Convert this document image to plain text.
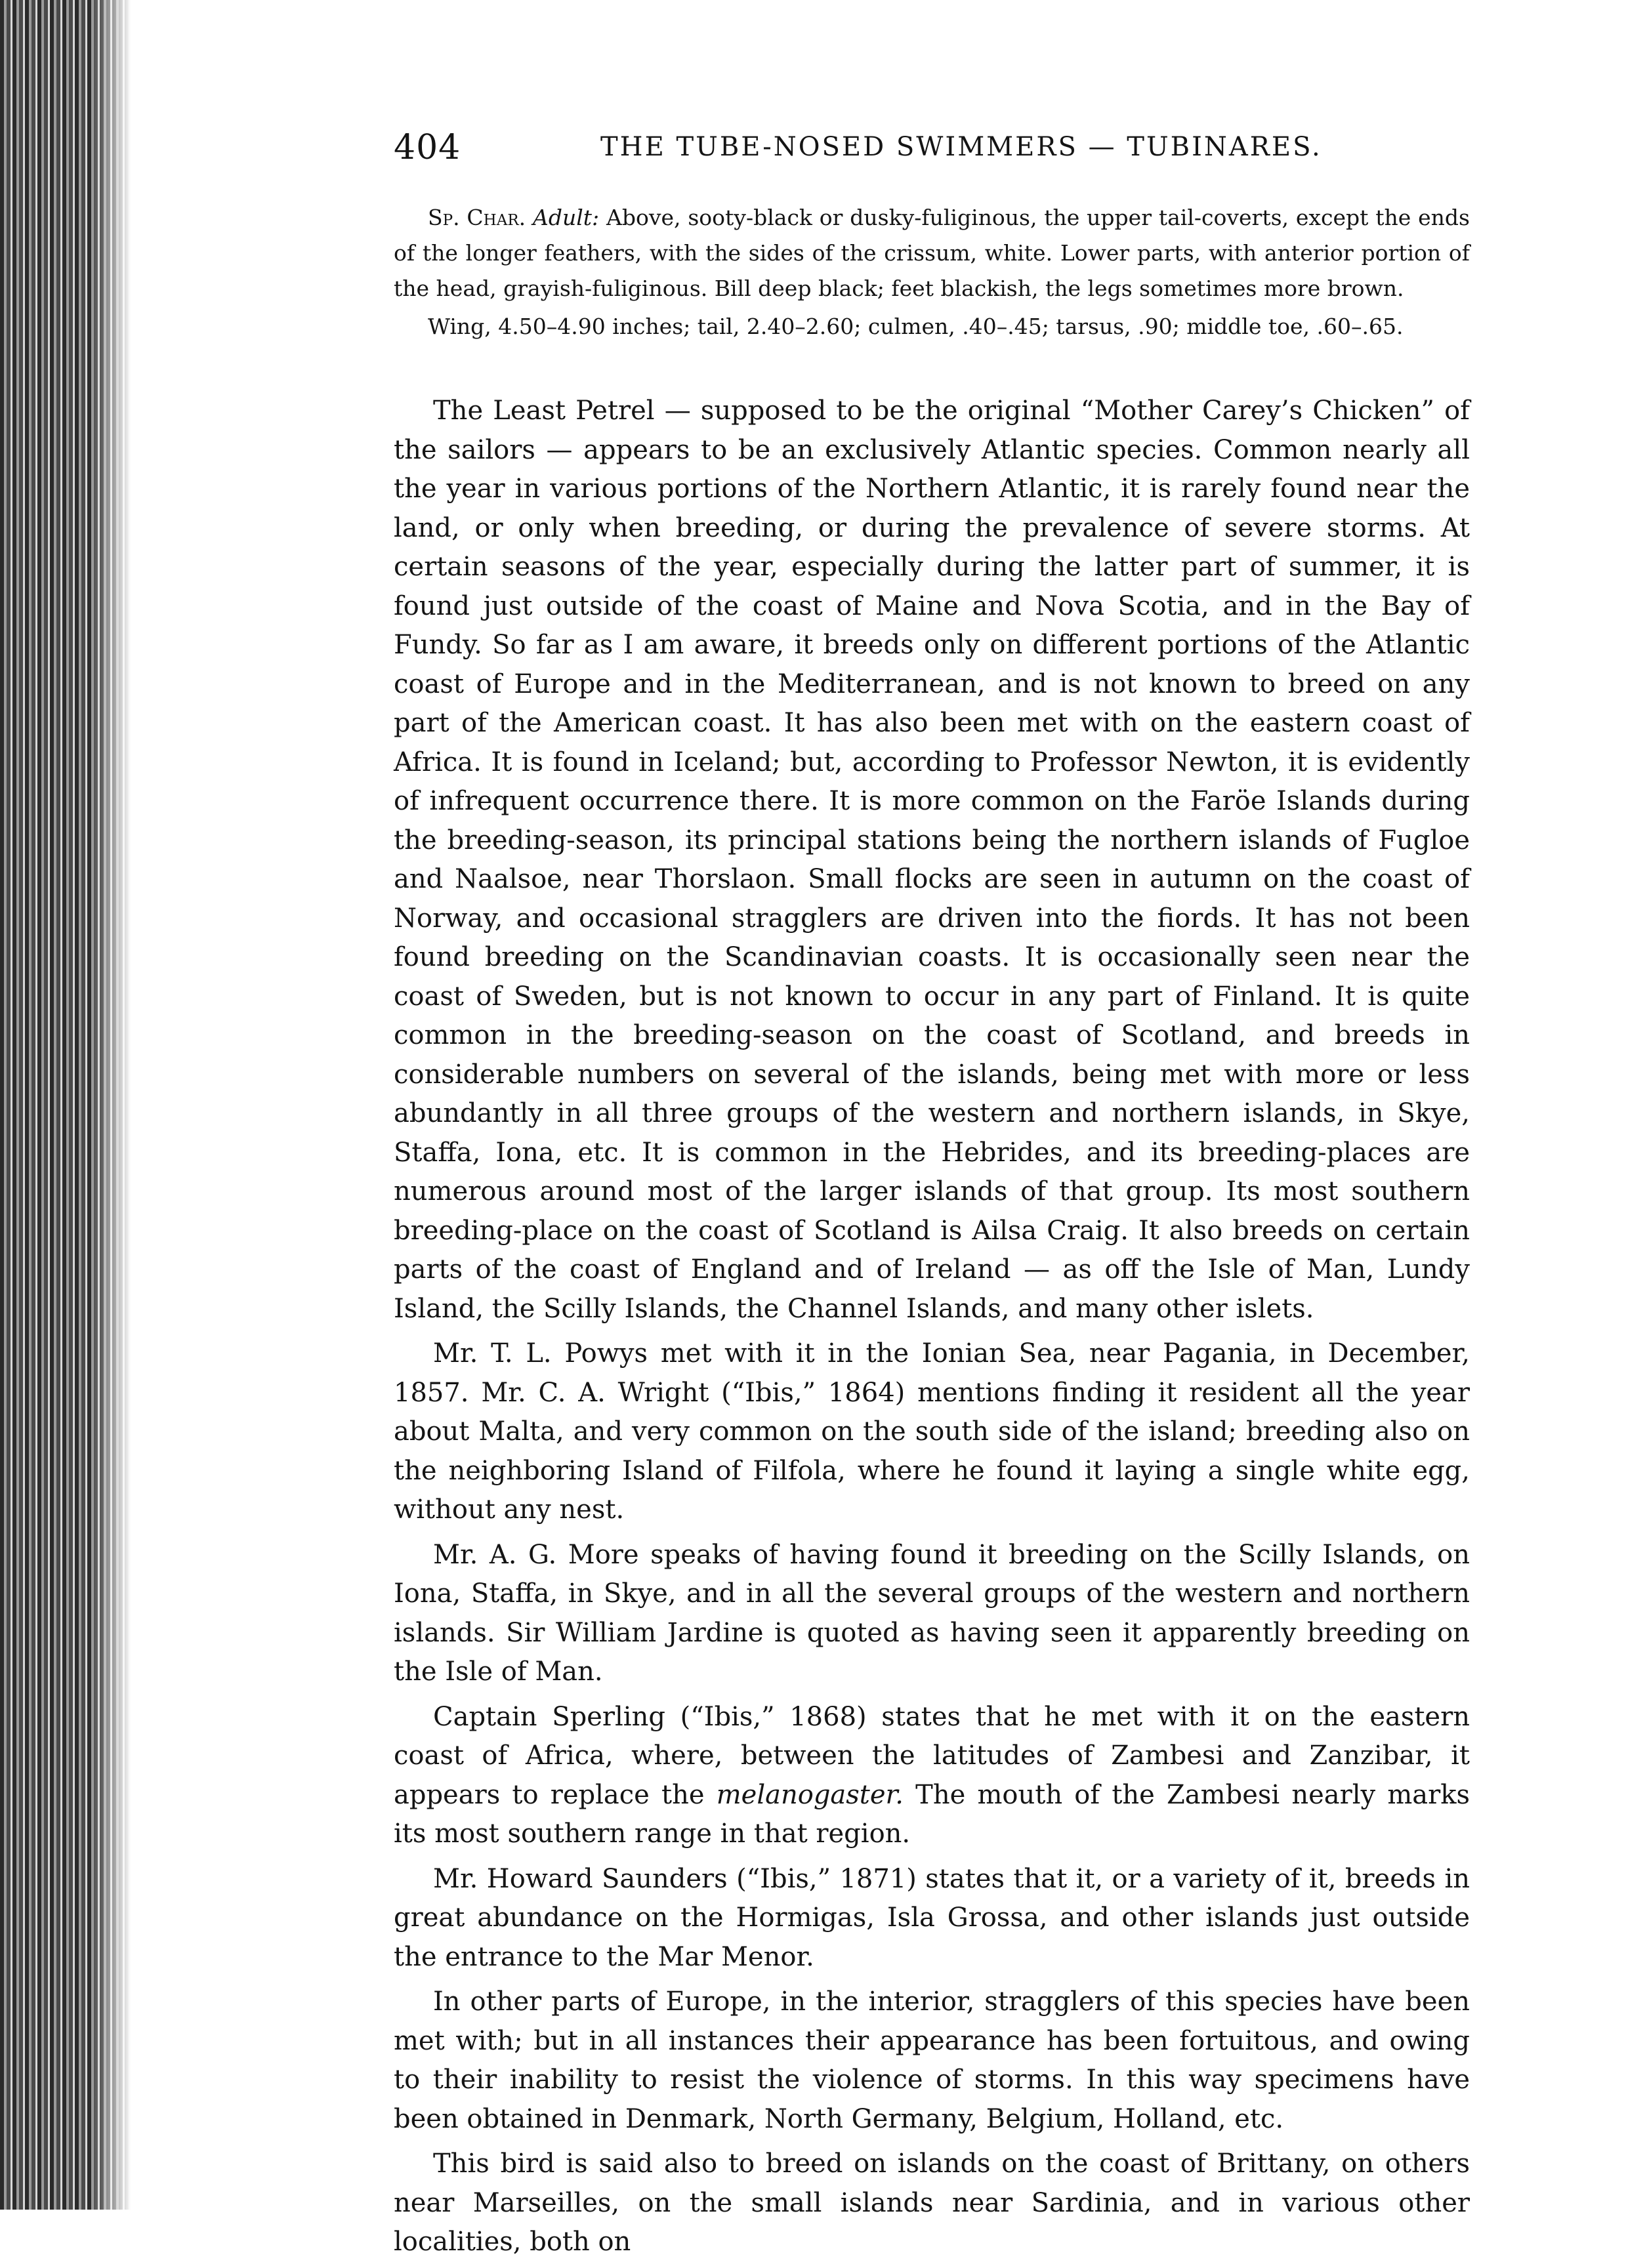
404	THE TUBE-NOSED SWIMMERS — TUBINARES.

Sp. Char. Adult: Above, sooty-black or dusky-fuliginous, the upper tail-coverts, except the ends of the longer feathers, with the sides of the crissum, white. Lower parts, with anterior portion of the head, grayish-fuliginous. Bill deep black; feet blackish, the legs sometimes more brown.

Wing, 4.50–4.90 inches; tail, 2.40–2.60; culmen, .40–.45; tarsus, .90; middle toe, .60–.65.

The Least Petrel — supposed to be the original “Mother Carey’s Chicken” of the sailors — appears to be an exclusively Atlantic species. Common nearly all the year in various portions of the Northern Atlantic, it is rarely found near the land, or only when breeding, or during the prevalence of severe storms. At certain seasons of the year, especially during the latter part of summer, it is found just outside of the coast of Maine and Nova Scotia, and in the Bay of Fundy. So far as I am aware, it breeds only on different portions of the Atlantic coast of Europe and in the Mediterranean, and is not known to breed on any part of the American coast. It has also been met with on the eastern coast of Africa. It is found in Iceland; but, according to Professor Newton, it is evidently of infrequent occurrence there. It is more common on the Faröe Islands during the breeding-season, its principal stations being the northern islands of Fugloe and Naalsoe, near Thorslaon. Small flocks are seen in autumn on the coast of Norway, and occasional stragglers are driven into the fiords. It has not been found breeding on the Scandinavian coasts. It is occasionally seen near the coast of Sweden, but is not known to occur in any part of Finland. It is quite common in the breeding-season on the coast of Scotland, and breeds in considerable numbers on several of the islands, being met with more or less abundantly in all three groups of the western and northern islands, in Skye, Staffa, Iona, etc. It is common in the Hebrides, and its breeding-places are numerous around most of the larger islands of that group. Its most southern breeding-place on the coast of Scotland is Ailsa Craig. It also breeds on certain parts of the coast of England and of Ireland — as off the Isle of Man, Lundy Island, the Scilly Islands, the Channel Islands, and many other islets.

Mr. T. L. Powys met with it in the Ionian Sea, near Pagania, in December, 1857. Mr. C. A. Wright (“Ibis,” 1864) mentions finding it resident all the year about Malta, and very common on the south side of the island; breeding also on the neighboring Island of Filfola, where he found it laying a single white egg, without any nest.

Mr. A. G. More speaks of having found it breeding on the Scilly Islands, on Iona, Staffa, in Skye, and in all the several groups of the western and northern islands. Sir William Jardine is quoted as having seen it apparently breeding on the Isle of Man.

Captain Sperling (“Ibis,” 1868) states that he met with it on the eastern coast of Africa, where, between the latitudes of Zambesi and Zanzibar, it appears to replace the melanogaster. The mouth of the Zambesi nearly marks its most southern range in that region.

Mr. Howard Saunders (“Ibis,” 1871) states that it, or a variety of it, breeds in great abundance on the Hormigas, Isla Grossa, and other islands just outside the entrance to the Mar Menor.

In other parts of Europe, in the interior, stragglers of this species have been met with; but in all instances their appearance has been fortuitous, and owing to their inability to resist the violence of storms. In this way specimens have been obtained in Denmark, North Germany, Belgium, Holland, etc.

This bird is said also to breed on islands on the coast of Brittany, on others near Marseilles, on the small islands near Sardinia, and in various other localities, both on
